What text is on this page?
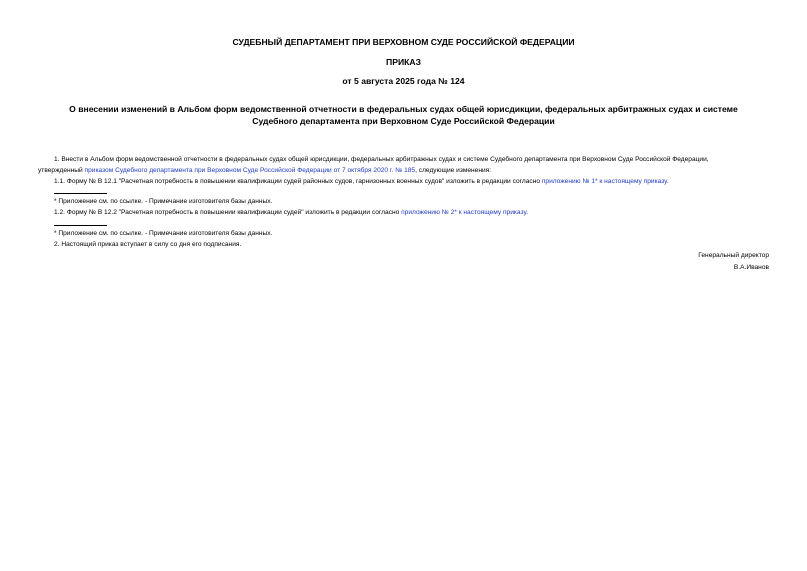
СУДЕБНЫЙ ДЕПАРТАМЕНТ ПРИ ВЕРХОВНОМ СУДЕ РОССИЙСКОЙ ФЕДЕРАЦИИ
ПРИКАЗ
от 5 августа 2025 года № 124
О внесении изменений в Альбом форм ведомственной отчетности в федеральных судах общей юрисдикции, федеральных арбитражных судах и системе
Судебного департамента при Верховном Суде Российской Федерации
1. Внести в Альбом форм ведомственной отчетности в федеральных судах общей юрисдикции, федеральных арбитражных судах и системе Судебного департамента при Верховном Суде Российской Федерации,
утвержденный приказом Судебного департамента при Верховном Суде Российской Федерации от 7 октября 2020 г. № 185, следующие изменения:
1.1. Форму № В 12.1 "Расчетная потребность в повышении квалификации судей районных судов, гарнизонных военных судов" изложить в редакции согласно приложению № 1* к настоящему приказу.
* Приложение см. по ссылке. - Примечание изготовителя базы данных.
1.2. Форму № В 12.2 "Расчетная потребность в повышении квалификации судей" изложить в редакции согласно приложению № 2* к настоящему приказу.
* Приложение см. по ссылке. - Примечание изготовителя базы данных.
2. Настоящий приказ вступает в силу со дня его подписания.
Генеральный директор
В.А.Иванов
